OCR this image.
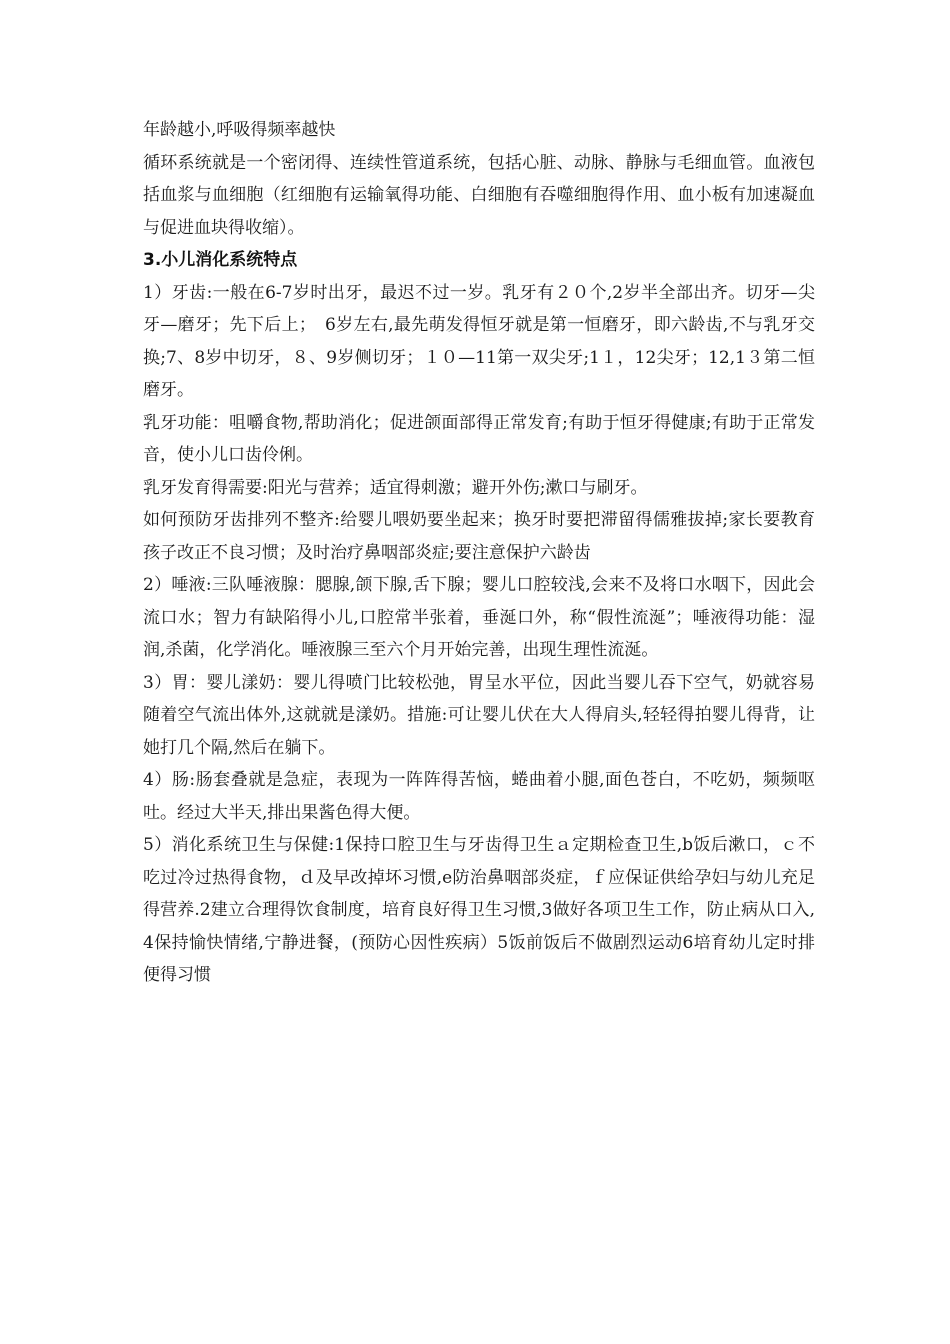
年龄越小,呼吸得频率越快

循环系统就是一个密闭得、连续性管道系统，包括心脏、动脉、静脉与毛细血管。血液包括血浆与血细胞（红细胞有运输氧得功能、白细胞有吞噬细胞得作用、血小板有加速凝血与促进血块得收缩）。

3.小儿消化系统特点

1）牙齿:一般在6-7岁时出牙，最迟不过一岁。乳牙有２０个,2岁半全部出齐。切牙—尖牙—磨牙；先下后上；　6岁左右,最先萌发得恒牙就是第一恒磨牙，即六龄齿,不与乳牙交换;7、8岁中切牙，８、9岁侧切牙；１０—11第一双尖牙;1１，12尖牙；12,1３第二恒磨牙。

乳牙功能：咀嚼食物,帮助消化；促进颌面部得正常发育;有助于恒牙得健康;有助于正常发音，使小儿口齿伶俐。

乳牙发育得需要:阳光与营养；适宜得刺激；避开外伤;漱口与刷牙。

如何预防牙齿排列不整齐:给婴儿喂奶要坐起来；换牙时要把滞留得儒雅拔掉;家长要教育孩子改正不良习惯；及时治疗鼻咽部炎症;要注意保护六龄齿

2）唾液:三队唾液腺：腮腺,颌下腺,舌下腺；婴儿口腔较浅,会来不及将口水咽下，因此会流口水；智力有缺陷得小儿,口腔常半张着，垂涎口外，称“假性流涎”；唾液得功能：湿润,杀菌，化学消化。唾液腺三至六个月开始完善，出现生理性流涎。

3）胃：婴儿漾奶：婴儿得喷门比较松弛，胃呈水平位，因此当婴儿吞下空气，奶就容易随着空气流出体外,这就就是漾奶。措施:可让婴儿伏在大人得肩头,轻轻得拍婴儿得背，让她打几个隔,然后在躺下。

4）肠:肠套叠就是急症，表现为一阵阵得苦恼，蜷曲着小腿,面色苍白，不吃奶，频频呕吐。经过大半天,排出果酱色得大便。

5）消化系统卫生与保健:1保持口腔卫生与牙齿得卫生ａ定期检查卫生,b饭后漱口，ｃ不吃过冷过热得食物，ｄ及早改掉坏习惯,e防治鼻咽部炎症，ｆ应保证供给孕妇与幼儿充足得营养.2建立合理得饮食制度，培育良好得卫生习惯,3做好各项卫生工作，防止病从口入,4保持愉快情绪,宁静进餐，(预防心因性疾病）5饭前饭后不做剧烈运动6培育幼儿定时排便得习惯
